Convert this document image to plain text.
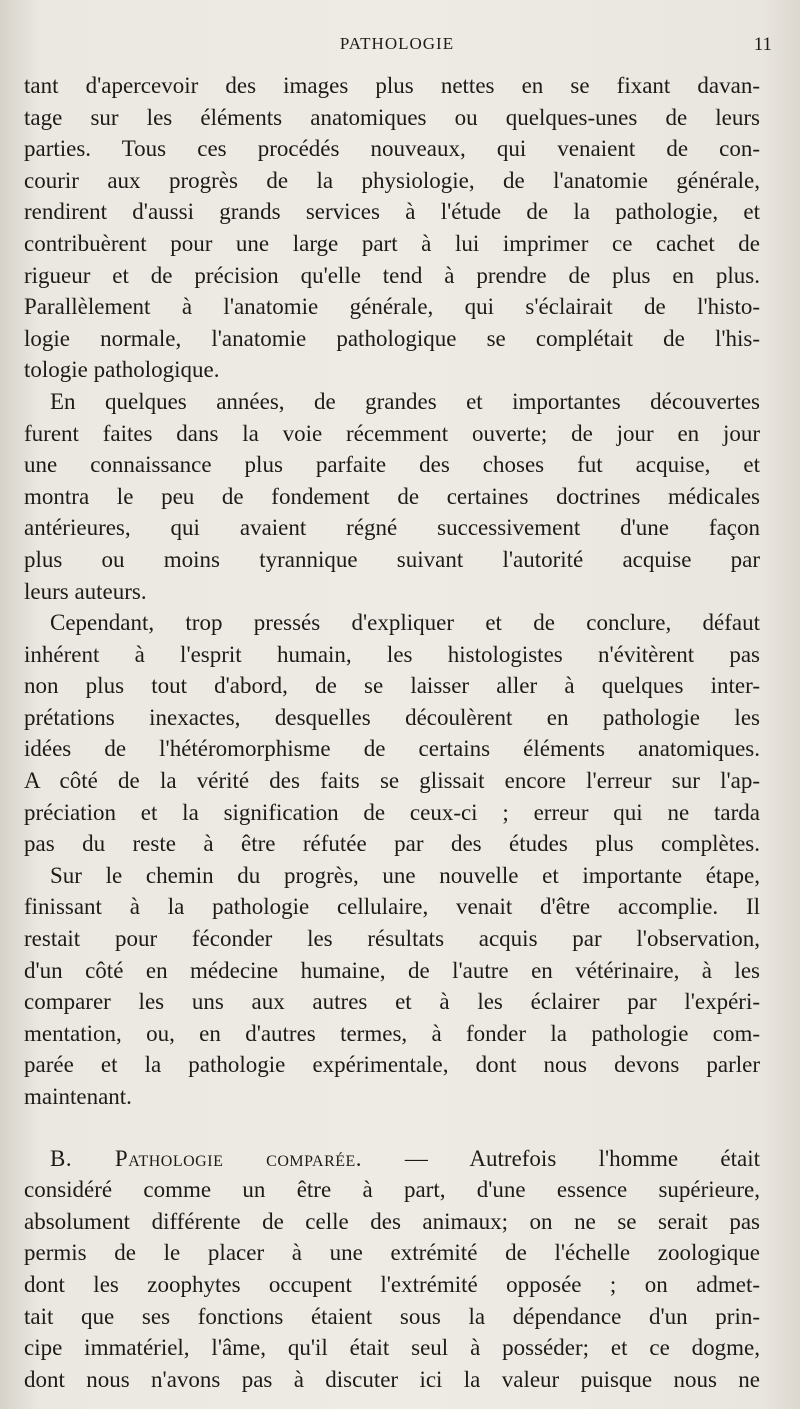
PATHOLOGIE	11
tant d'apercevoir des images plus nettes en se fixant davan-
tage sur les éléments anatomiques ou quelques-unes de leurs
parties. Tous ces procédés nouveaux, qui venaient de con-
courir aux progrès de la physiologie, de l'anatomie générale,
rendirent d'aussi grands services à l'étude de la pathologie, et
contribuèrent pour une large part à lui imprimer ce cachet de
rigueur et de précision qu'elle tend à prendre de plus en plus.
Parallèlement à l'anatomie générale, qui s'éclairait de l'histo-
logie normale, l'anatomie pathologique se complétait de l'his-
tologie pathologique.
En quelques années, de grandes et importantes découvertes
furent faites dans la voie récemment ouverte; de jour en jour
une connaissance plus parfaite des choses fut acquise, et
montra le peu de fondement de certaines doctrines médicales
antérieures, qui avaient régné successivement d'une façon
plus ou moins tyrannique suivant l'autorité acquise par
leurs auteurs.
Cependant, trop pressés d'expliquer et de conclure, défaut
inhérent à l'esprit humain, les histologistes n'évitèrent pas
non plus tout d'abord, de se laisser aller à quelques inter-
prétations inexactes, desquelles découlèrent en pathologie les
idées de l'hétéromorphisme de certains éléments anatomiques.
A côté de la vérité des faits se glissait encore l'erreur sur l'ap-
préciation et la signification de ceux-ci ; erreur qui ne tarda
pas du reste à être réfutée par des études plus complètes.
Sur le chemin du progrès, une nouvelle et importante étape,
finissant à la pathologie cellulaire, venait d'être accomplie. Il
restait pour féconder les résultats acquis par l'observation,
d'un côté en médecine humaine, de l'autre en vétérinaire, à les
comparer les uns aux autres et à les éclairer par l'expéri-
mentation, ou, en d'autres termes, à fonder la pathologie com-
parée et la pathologie expérimentale, dont nous devons parler
maintenant.
B. Pathologie comparée. — Autrefois l'homme était
considéré comme un être à part, d'une essence supérieure,
absolument différente de celle des animaux; on ne se serait pas
permis de le placer à une extrémité de l'échelle zoologique
dont les zoophytes occupent l'extrémité opposée ; on admet-
tait que ses fonctions étaient sous la dépendance d'un prin-
cipe immatériel, l'âme, qu'il était seul à posséder; et ce dogme,
dont nous n'avons pas à discuter ici la valeur puisque nous ne
